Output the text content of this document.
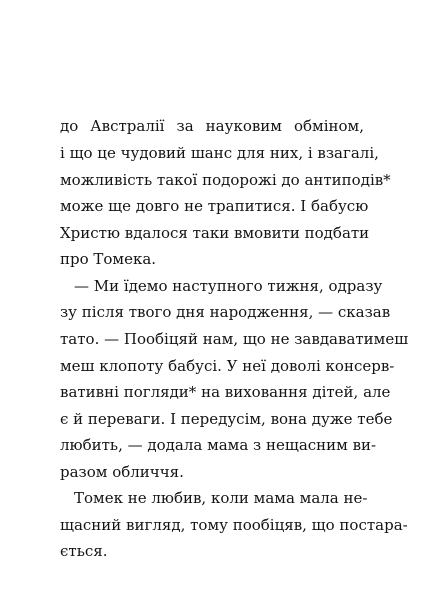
до Австралії за науковим обміном,
і що це чудовий шанс для них, і взагалі,
можливість такої подорожі до антиподів*
може ще довго не трапитися. І бабусю
Христю вдалося таки вмовити подбати
про Томека.
— Ми їдемо наступного тижня, одразу
зу після твого дня народження, — сказав
тато. — Пообіцяй нам, що не завдаватимеш
меш клопоту бабусі. У неї доволі консерв-
вативні погляди* на виховання дітей, але
є й переваги. І передусім, вона дуже тебе
любить, — додала мама з нещасним ви-
разом обличчя.
Томек не любив, коли мама мала не-
щасний вигляд, тому пообіцяв, що постара-
ється.
